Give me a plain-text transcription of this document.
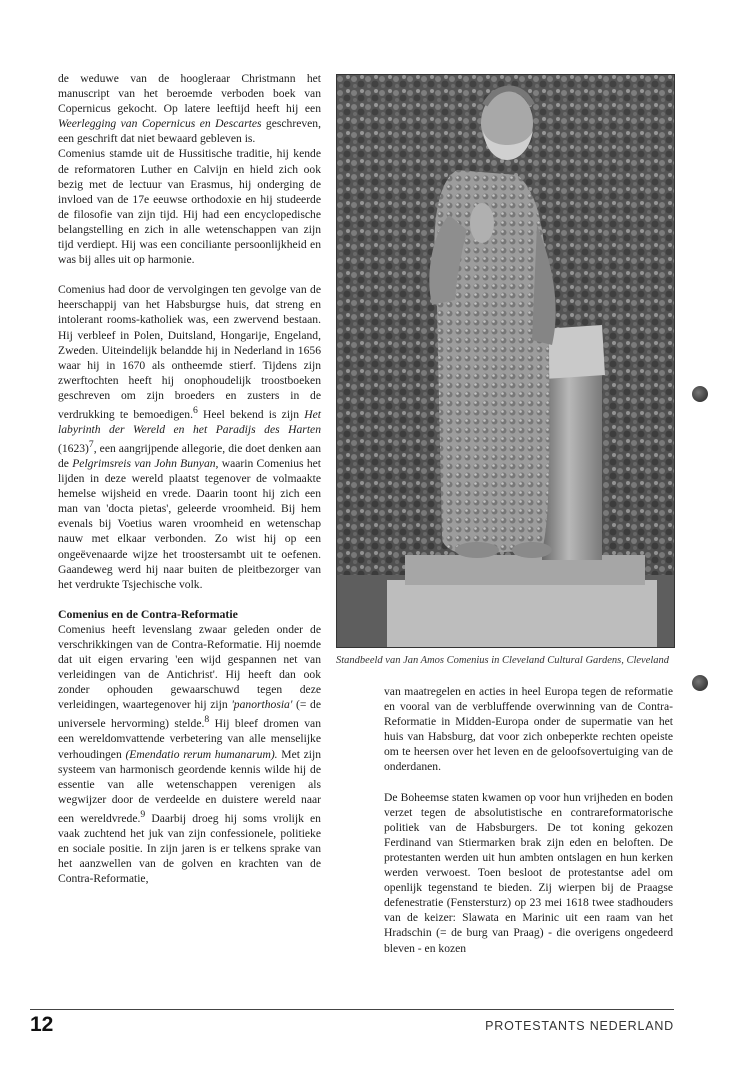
de weduwe van de hoogleraar Christmann het manuscript van het beroemde verboden boek van Copernicus gekocht. Op latere leeftijd heeft hij een Weerlegging van Copernicus en Descartes geschreven, een geschrift dat niet bewaard gebleven is.

Comenius stamde uit de Hussitische traditie, hij kende de reformatoren Luther en Calvijn en hield zich ook bezig met de lectuur van Erasmus, hij onderging de invloed van de 17e eeuwse orthodoxie en hij studeerde de filosofie van zijn tijd. Hij had een encyclopedische belangstelling en zich in alle wetenschappen van zijn tijd verdiept. Hij was een conciliante persoonlijkheid en was bij alles uit op harmonie.

Comenius had door de vervolgingen ten gevolge van de heerschappij van het Habsburgse huis, dat streng en intolerant rooms-katholiek was, een zwervend bestaan. Hij verbleef in Polen, Duitsland, Hongarije, Engeland, Zweden. Uiteindelijk belandde hij in Nederland in 1656 waar hij in 1670 als ontheemde stierf. Tijdens zijn zwerftochten heeft hij onophoudelijk troostboeken geschreven om zijn broeders en zusters in de verdrukking te bemoedigen.$^6$ Heel bekend is zijn Het labyrinth der Wereld en het Paradijs des Harten $(1623)^7$, een aangrijpende allegorie, die doet denken aan de Pelgrimsreis van John Bunyan, waarin Comenius het lijden in deze wereld plaatst tegenover de volmaakte hemelse wijsheid en vrede. Daarin toont hij zich een man van 'docta pietas', geleerde vroomheid. Bij hem evenals bij Voetius waren vroomheid en wetenschap nauw met elkaar verbonden. Zo wist hij op een ongeëvenaarde wijze het troostersambt uit te oefenen. Gaandeweg werd hij naar buiten de pleitbezorger van het verdrukte Tsjechische volk.

Comenius en de Contra-Reformatie

Comenius heeft levenslang zwaar geleden onder de verschrikkingen van de Contra-Reformatie. Hij noemde dat uit eigen ervaring 'een wijd gespannen net van verleidingen van de Antichrist'. Hij heeft dan ook zonder ophouden gewaarschuwd tegen deze verleidingen, waartegenover hij zijn 'panorthosia' (= de universele hervorming) stelde.$^8$ Hij bleef dromen van een wereldomvattende verbetering van alle menselijke verhoudingen (Emendatio rerum humanarum). Met zijn systeem van harmonisch geordende kennis wilde hij de essentie van alle wetenschappen verenigen als wegwijzer door de verdeelde en duistere wereld naar een wereldvrede.$^9$ Daarbij droeg hij soms vrolijk en vaak zuchtend het juk van zijn confessionele, politieke en sociale positie. In zijn jaren is er telkens sprake van het aanzwellen van de golven en krachten van de Contra-Reformatie,

Standbeeld van Jan Amos Comenius in Cleveland Cultural Gardens, Cleveland

van maatregelen en acties in heel Europa tegen de reformatie en vooral van de verbluffende overwinning van de Contra-Reformatie in Midden-Europa onder de supermatie van het huis van Habsburg, dat voor zich onbeperkte rechten opeiste om te heersen over het leven en de geloofsovertuiging van de onderdanen.

De Boheemse staten kwamen op voor hun vrijheden en boden verzet tegen de absolutistische en contrareformatorische politiek van de Habsburgers. De tot koning gekozen Ferdinand van Stiermarken brak zijn eden en beloften. De protestanten werden uit hun ambten ontslagen en hun kerken werden verwoest. Toen besloot de protestantse adel om openlijk tegenstand te bieden. Zij wierpen bij de Praagse defenestratie (Fenstersturz) op 23 mei 1618 twee stadhouders van de keizer: Slawata en Marinic uit een raam van het Hradschin (= de burg van Praag) - die overigens ongedeerd bleven - en kozen

12	PROTESTANTS NEDERLAND
